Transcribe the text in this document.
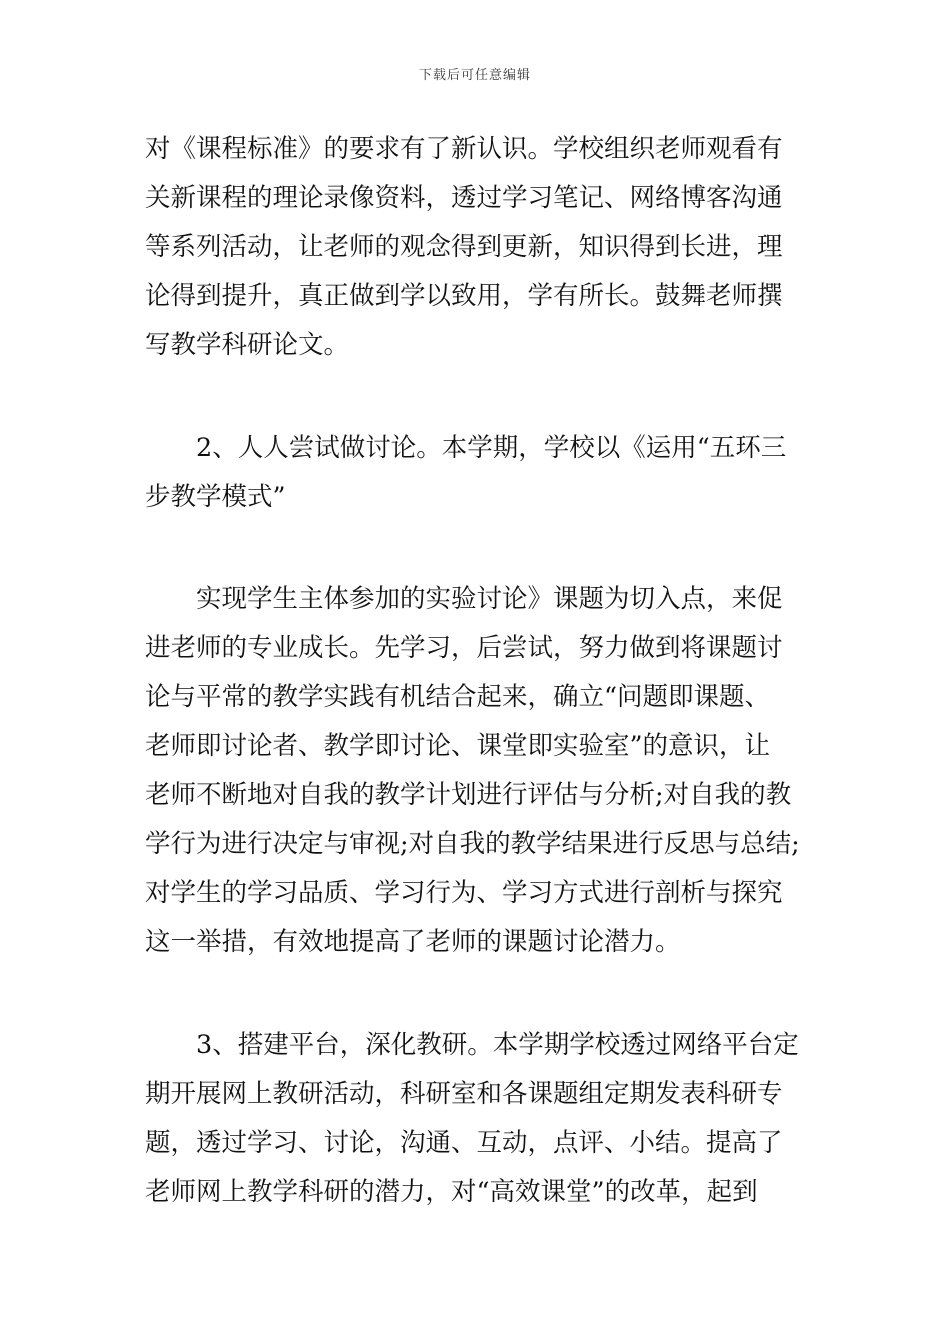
下载后可任意编辑
对《课程标准》的要求有了新认识。学校组织老师观看有
关新课程的理论录像资料，透过学习笔记、网络博客沟通
等系列活动，让老师的观念得到更新，知识得到长进，理
论得到提升，真正做到学以致用，学有所长。鼓舞老师撰
写教学科研论文。
2、人人尝试做讨论。本学期，学校以《运用“五环三
步教学模式”
实现学生主体参加的实验讨论》课题为切入点，来促
进老师的专业成长。先学习，后尝试，努力做到将课题讨
论与平常的教学实践有机结合起来，确立“问题即课题、
老师即讨论者、教学即讨论、课堂即实验室”的意识，让
老师不断地对自我的教学计划进行评估与分析;对自我的教
学行为进行决定与审视;对自我的教学结果进行反思与总结;
对学生的学习品质、学习行为、学习方式进行剖析与探究
这一举措，有效地提高了老师的课题讨论潜力。
3、搭建平台，深化教研。本学期学校透过网络平台定
期开展网上教研活动，科研室和各课题组定期发表科研专
题，透过学习、讨论，沟通、互动，点评、小结。提高了
老师网上教学科研的潜力，对“高效课堂”的改革，起到
